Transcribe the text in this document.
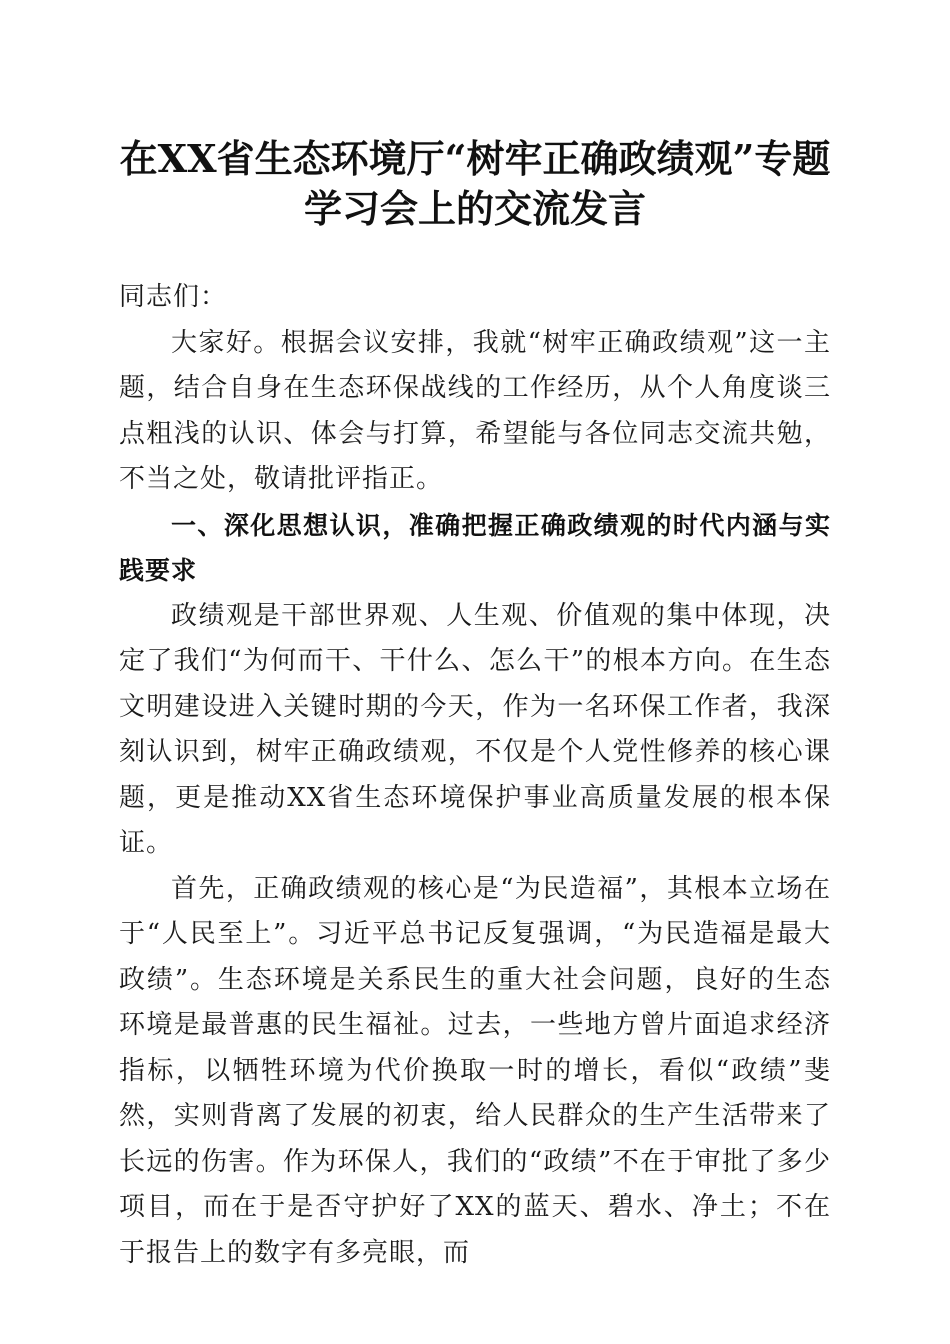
在XX省生态环境厅“树牢正确政绩观”专题
学习会上的交流发言

同志们：

大家好。根据会议安排，我就“树牢正确政绩观”这一主题，结合自身在生态环保战线的工作经历，从个人角度谈三点粗浅的认识、体会与打算，希望能与各位同志交流共勉，不当之处，敬请批评指正。

一、深化思想认识，准确把握正确政绩观的时代内涵与实践要求

政绩观是干部世界观、人生观、价值观的集中体现，决定了我们“为何而干、干什么、怎么干”的根本方向。在生态文明建设进入关键时期的今天，作为一名环保工作者，我深刻认识到，树牢正确政绩观，不仅是个人党性修养的核心课题，更是推动XX省生态环境保护事业高质量发展的根本保证。

首先，正确政绩观的核心是“为民造福”，其根本立场在于“人民至上”。习近平总书记反复强调，“为民造福是最大政绩”。生态环境是关系民生的重大社会问题，良好的生态环境是最普惠的民生福祉。过去，一些地方曾片面追求经济指标，以牺牲环境为代价换取一时的增长，看似“政绩”斐然，实则背离了发展的初衷，给人民群众的生产生活带来了长远的伤害。作为环保人，我们的“政绩”不在于审批了多少项目，而在于是否守护好了XX的蓝天、碧水、净土；不在于报告上的数字有多亮眼，而
